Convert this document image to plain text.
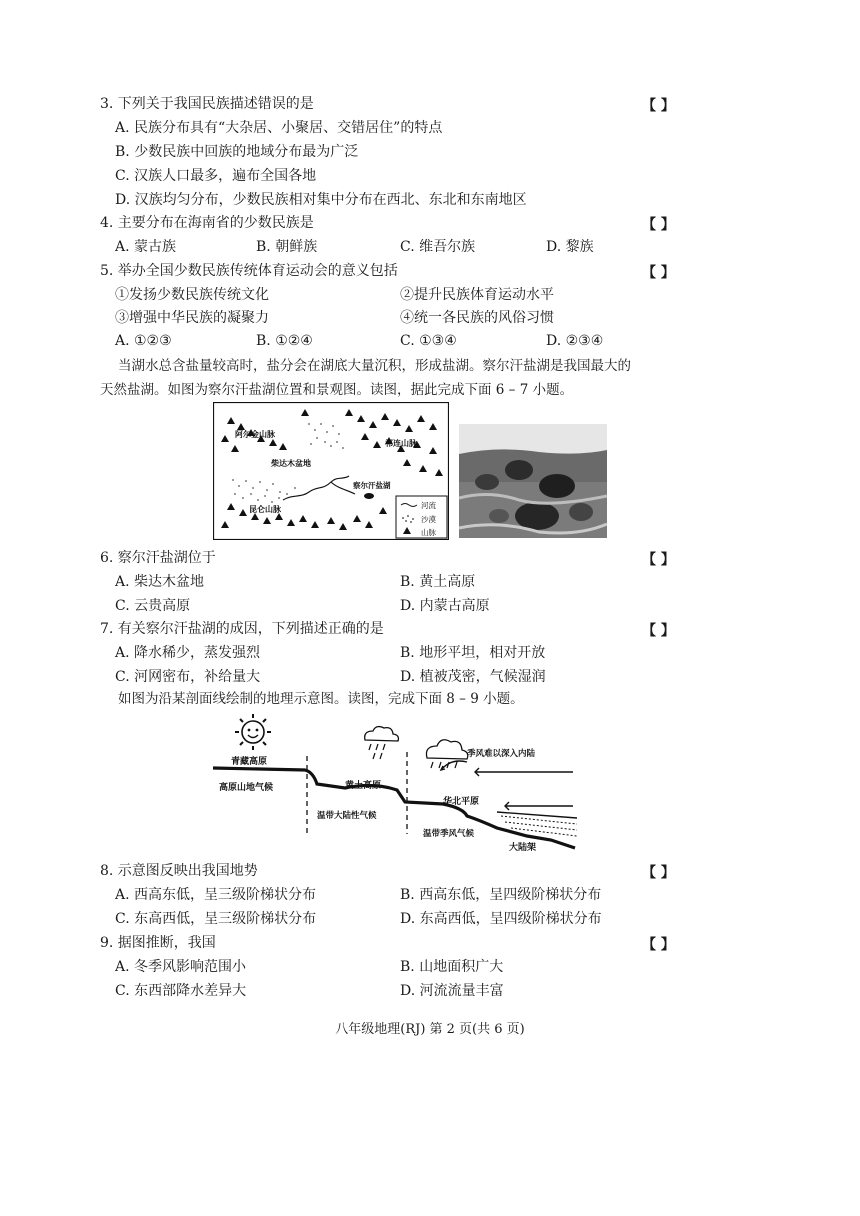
3. 下列关于我国民族描述错误的是	【 】
A. 民族分布具有“大杂居、小聚居、交错居住”的特点
B. 少数民族中回族的地域分布最为广泛
C. 汉族人口最多，遍布全国各地
D. 汉族均匀分布，少数民族相对集中分布在西北、东北和东南地区
4. 主要分布在海南省的少数民族是	【 】
A. 蒙古族	B. 朝鲜族	C. 维吾尔族	D. 黎族
5. 举办全国少数民族传统体育运动会的意义包括	【 】
①发扬少数民族传统文化	②提升民族体育运动水平
③增强中华民族的凝聚力	④统一各民族的风俗习惯
A. ①②③	B. ①②④	C. ①③④	D. ②③④
当湖水总含盐量较高时，盐分会在湖底大量沉积，形成盐湖。察尔汗盐湖是我国最大的
天然盐湖。如图为察尔汗盐湖位置和景观图。读图，据此完成下面 6 – 7 小题。
阿尔金山脉
祁连山脉
柴达木盆地
察尔汗盐湖
昆仑山脉	河流
沙漠
山脉
6. 察尔汗盐湖位于	【 】
A. 柴达木盆地	B. 黄土高原
C. 云贵高原	D. 内蒙古高原
7. 有关察尔汗盐湖的成因，下列描述正确的是	【 】
A. 降水稀少，蒸发强烈	B. 地形平坦，相对开放
C. 河网密布，补给量大	D. 植被茂密，气候湿润
如图为沿某剖面线绘制的地理示意图。读图，完成下面 8 – 9 小题。
青藏高原
高原山地气候	黄土高原
温带大陆性气候
季风难以深入内陆
华北平原
温带季风气候
大陆架
8. 示意图反映出我国地势	【 】
A. 西高东低，呈三级阶梯状分布	B. 西高东低，呈四级阶梯状分布
C. 东高西低，呈三级阶梯状分布	D. 东高西低，呈四级阶梯状分布
9. 据图推断，我国	【 】
A. 冬季风影响范围小	B. 山地面积广大
C. 东西部降水差异大	D. 河流流量丰富
八年级地理(RJ) 第 2 页(共 6 页)
